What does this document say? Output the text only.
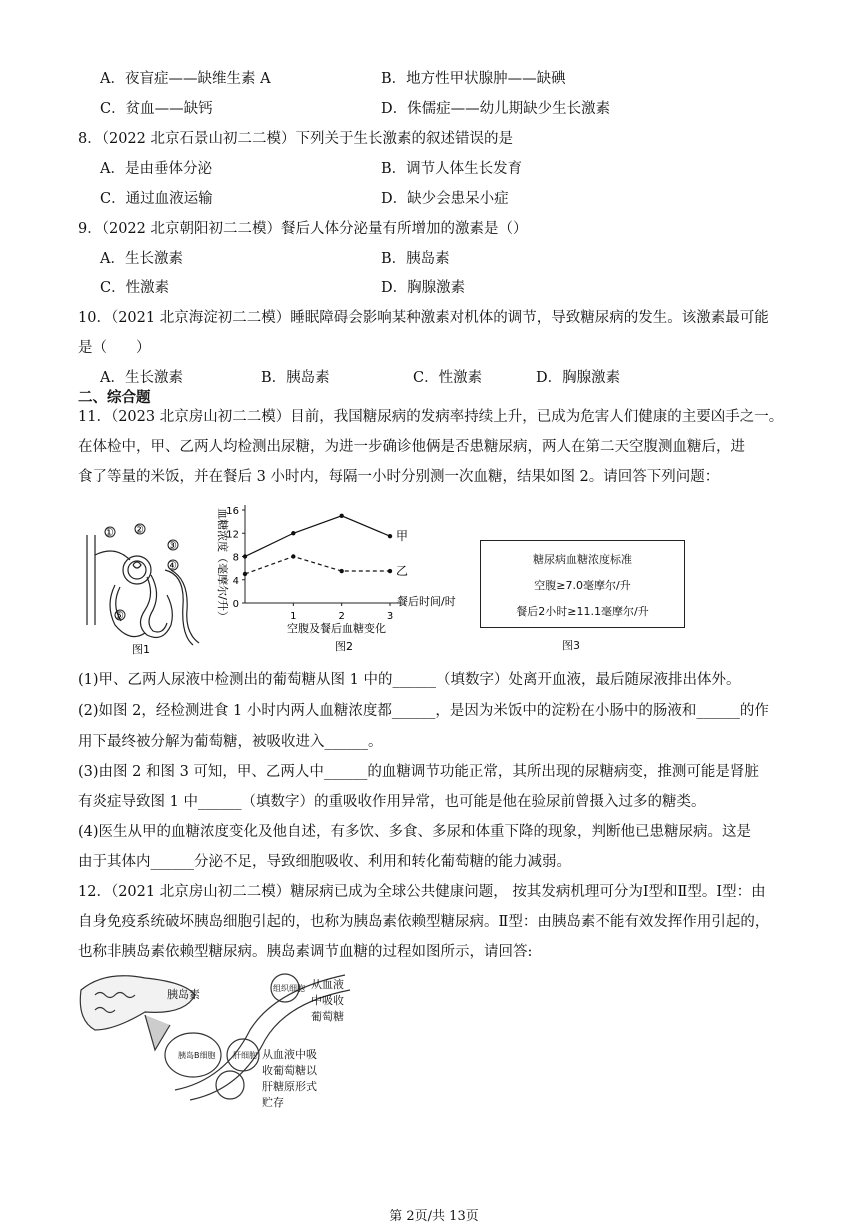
A．夜盲症——缺维生素 A	B．地方性甲状腺肿——缺碘
C．贫血——缺钙	D．侏儒症——幼儿期缺少生长激素
8．（2022 北京石景山初二二模）下列关于生长激素的叙述错误的是
A．是由垂体分泌	B．调节人体生长发育
C．通过血液运输	D．缺少会患呆小症
9．（2022 北京朝阳初二二模）餐后人体分泌量有所增加的激素是（）
A．生长激素	B．胰岛素
C．性激素	D．胸腺激素
10．（2021 北京海淀初二二模）睡眠障碍会影响某种激素对机体的调节，导致糖尿病的发生。该激素最可能
是（　　）
A．生长激素	B．胰岛素	C．性激素	D．胸腺激素
二、综合题
11．（2023 北京房山初二二模）目前，我国糖尿病的发病率持续上升，已成为危害人们健康的主要凶手之一。
在体检中，甲、乙两人均检测出尿糖，为进一步确诊他俩是否患糖尿病，两人在第二天空腹测血糖后，进
食了等量的米饭，并在餐后 3 小时内，每隔一小时分别测一次血糖，结果如图 2。请回答下列问题：
① ②
③
④
⑤
图1
血糖浓度（毫摩尔/升） 0
4
8
12
16
1	2	3
甲
乙
餐后时间/时
空腹及餐后血糖变化
图2
糖尿病血糖浓度标准
空腹≥7.0毫摩尔/升
餐后2小时≥11.1毫摩尔/升
图3
(1)甲、乙两人尿液中检测出的葡萄糖从图 1 中的______（填数字）处离开血液，最后随尿液排出体外。
(2)如图 2，经检测进食 1 小时内两人血糖浓度都______，是因为米饭中的淀粉在小肠中的肠液和______的作
用下最终被分解为葡萄糖，被吸收进入______。
(3)由图 2 和图 3 可知，甲、乙两人中______的血糖调节功能正常，其所出现的尿糖病变，推测可能是肾脏
有炎症导致图 1 中______（填数字）的重吸收作用异常，也可能是他在验尿前曾摄入过多的糖类。
(4)医生从甲的血糖浓度变化及他自述，有多饮、多食、多尿和体重下降的现象，判断他已患糖尿病。这是
由于其体内______分泌不足，导致细胞吸收、利用和转化葡萄糖的能力减弱。
12．（2021 北京房山初二二模）糖尿病已成为全球公共健康问题， 按其发病机理可分为Ⅰ型和Ⅱ型。Ⅰ型：由
自身免疫系统破坏胰岛细胞引起的，也称为胰岛素依赖型糖尿病。Ⅱ型：由胰岛素不能有效发挥作用引起的，
也称非胰岛素依赖型糖尿病。胰岛素调节血糖的过程如图所示，请回答:
胰岛素
胰岛B细胞
组织细胞
肝细胞
从血液
中吸收
葡萄糖
从血液中吸
收葡萄糖以
肝糖原形式
贮存
第 2页/共 13页
